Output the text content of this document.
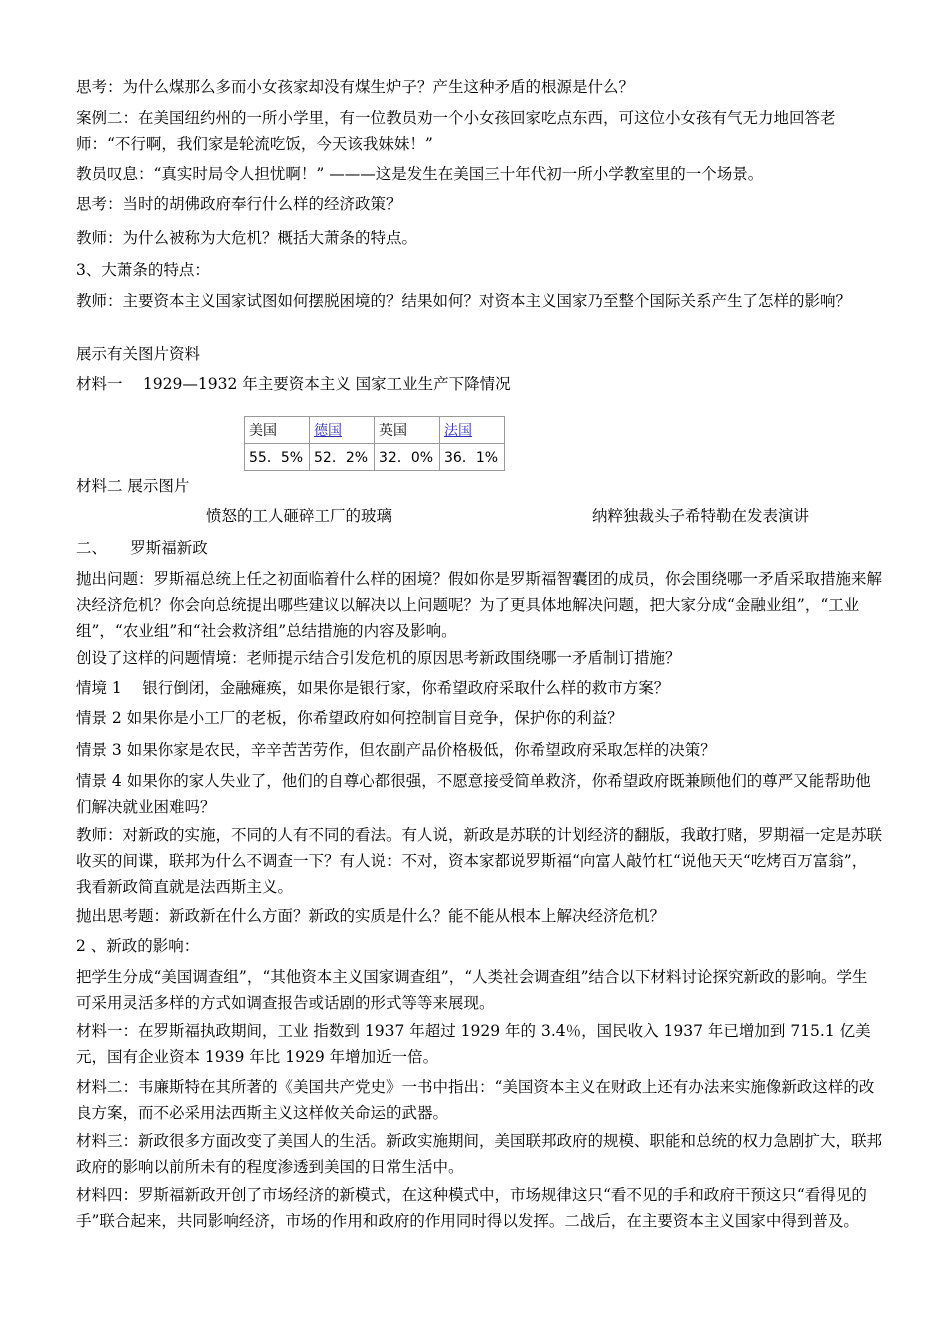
思考：为什么煤那么多而小女孩家却没有煤生炉子？产生这种矛盾的根源是什么？

案例二：在美国纽约州的一所小学里，有一位教员劝一个小女孩回家吃点东西，可这位小女孩有气无力地回答老师：“不行啊，我们家是轮流吃饭，今天该我妹妹！”

教员叹息：“真实时局令人担忧啊！” ———这是发生在美国三十年代初一所小学教室里的一个场景。

思考：当时的胡佛政府奉行什么样的经济政策？

教师：为什么被称为大危机？概括大萧条的特点。

3、大萧条的特点：

教师：主要资本主义国家试图如何摆脱困境的？结果如何？对资本主义国家乃至整个国际关系产生了怎样的影响？

展示有关图片资料

材料一　 1929—1932 年主要资本主义 国家工业生产下降情况

美国	德国	英国	法国
55．5%	52．2%	32．0%	36．1%

材料二 展示图片

愤怒的工人砸碎工厂的玻璃	纳粹独裁头子希特勒在发表演讲

二、　　罗斯福新政

抛出问题：罗斯福总统上任之初面临着什么样的困境？假如你是罗斯福智囊团的成员，你会围绕哪一矛盾采取措施来解决经济危机？你会向总统提出哪些建议以解决以上问题呢？为了更具体地解决问题，把大家分成“金融业组”，“工业组”，“农业组”和“社会救济组”总结措施的内容及影响。

创设了这样的问题情境：老师提示结合引发危机的原因思考新政围绕哪一矛盾制订措施？

情境 1　 银行倒闭，金融瘫痪，如果你是银行家，你希望政府采取什么样的救市方案？

情景 2 如果你是小工厂的老板，你希望政府如何控制盲目竞争，保护你的利益？

情景 3 如果你家是农民，辛辛苦苦劳作，但农副产品价格极低，你希望政府采取怎样的决策？

情景 4 如果你的家人失业了，他们的自尊心都很强，不愿意接受简单救济，你希望政府既兼顾他们的尊严又能帮助他们解决就业困难吗？

教师：对新政的实施，不同的人有不同的看法。有人说，新政是苏联的计划经济的翻版，我敢打赌，罗期福一定是苏联收买的间谍，联邦为什么不调查一下？有人说：不对，资本家都说罗斯福“向富人敲竹杠“说他天天“吃烤百万富翁”，我看新政简直就是法西斯主义。

抛出思考题：新政新在什么方面？新政的实质是什么？能不能从根本上解决经济危机？

2 、新政的影响：

把学生分成“美国调查组”，“其他资本主义国家调查组”，“人类社会调查组”结合以下材料讨论探究新政的影响。学生可采用灵活多样的方式如调查报告或话剧的形式等等来展现。

材料一：在罗斯福执政期间，工业 指数到 1937 年超过 1929 年的 3.4％，国民收入 1937 年已增加到 715.1 亿美元，国有企业资本 1939 年比 1929 年增加近一倍。

材料二：韦廉斯特在其所著的《美国共产党史》一书中指出：“美国资本主义在财政上还有办法来实施像新政这样的改良方案，而不必采用法西斯主义这样攸关命运的武器。

材料三：新政很多方面改变了美国人的生活。新政实施期间，美国联邦政府的规模、职能和总统的权力急剧扩大，联邦政府的影响以前所未有的程度渗透到美国的日常生活中。

材料四：罗斯福新政开创了市场经济的新模式，在这种模式中，市场规律这只“看不见的手和政府干预这只“看得见的手”联合起来，共同影响经济，市场的作用和政府的作用同时得以发挥。二战后，在主要资本主义国家中得到普及。
